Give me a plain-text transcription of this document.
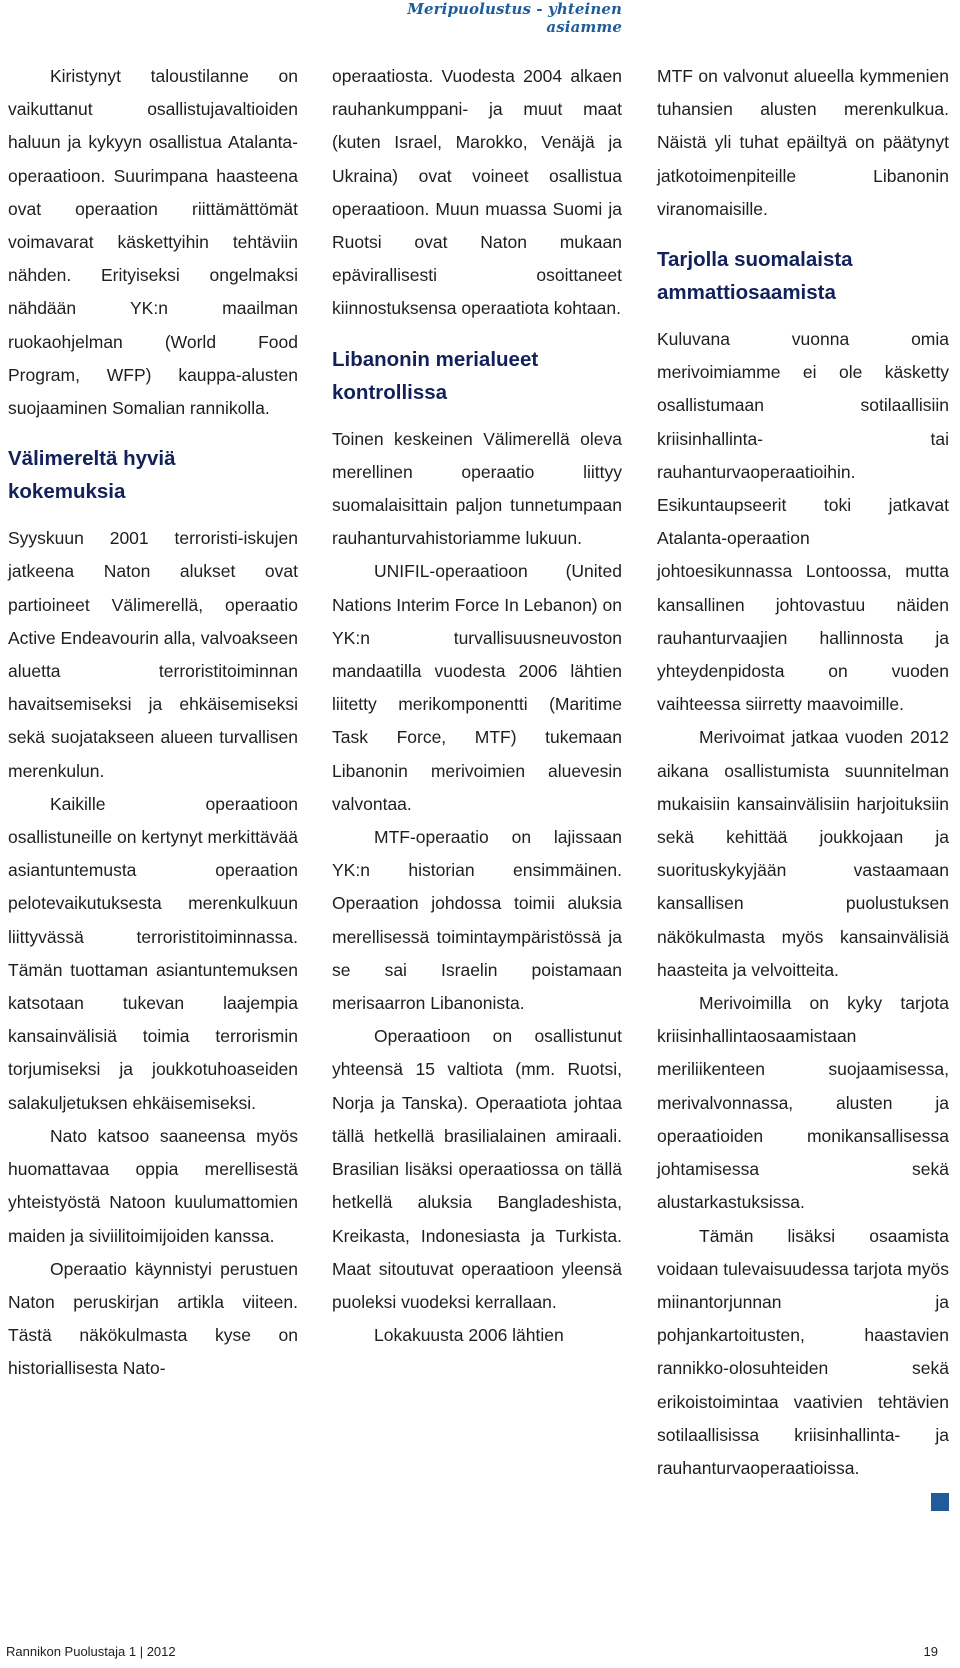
Meripuolustus - yhteinen asiamme

Kiristynyt taloustilanne on vaikuttanut osallistujavaltioiden haluun ja kykyyn osallistua Atalanta-operaatioon. Suurimpana haasteena ovat operaation riittämättömät voimavarat käskettyihin tehtäviin nähden. Erityiseksi ongelmaksi nähdään YK:n maailman ruokaohjelman (World Food Program, WFP) kauppa-alusten suojaaminen Somalian rannikolla.

Välimereltä hyviä kokemuksia

Syyskuun 2001 terroristi-iskujen jatkeena Naton alukset ovat partioineet Välimerellä, operaatio Active Endeavourin alla, valvoakseen aluetta terroristitoiminnan havaitsemiseksi ja ehkäisemiseksi sekä suojatakseen alueen turvallisen merenkulun.

Kaikille operaatioon osallistuneille on kertynyt merkittävää asiantuntemusta operaation pelotevaikutuksesta merenkulkuun liittyvässä terroristitoiminnassa. Tämän tuottaman asiantuntemuksen katsotaan tukevan laajempia kansainvälisiä toimia terrorismin torjumiseksi ja joukkotuhoaseiden salakuljetuksen ehkäisemiseksi.

Nato katsoo saaneensa myös huomattavaa oppia merellisestä yhteistyöstä Natoon kuulumattomien maiden ja siviilitoimijoiden kanssa.

Operaatio käynnistyi perustuen Naton peruskirjan artikla viiteen. Tästä näkökulmasta kyse on historiallisesta Nato-

operaatiosta. Vuodesta 2004 alkaen rauhankumppani- ja muut maat (kuten Israel, Marokko, Venäjä ja Ukraina) ovat voineet osallistua operaatioon. Muun muassa Suomi ja Ruotsi ovat Naton mukaan epävirallisesti osoittaneet kiinnostuksensa operaatiota kohtaan.

Libanonin merialueet kontrollissa

Toinen keskeinen Välimerellä oleva merellinen operaatio liittyy suomalaisittain paljon tunnetumpaan rauhanturvahistoriamme lukuun.

UNIFIL-operaatioon (United Nations Interim Force In Lebanon) on YK:n turvallisuusneuvoston mandaatilla vuodesta 2006 lähtien liitetty merikomponentti (Maritime Task Force, MTF) tukemaan Libanonin merivoimien aluevesin valvontaa.

MTF-operaatio on lajissaan YK:n historian ensimmäinen. Operaation johdossa toimii aluksia merellisessä toimintaympäristössä ja se sai Israelin poistamaan merisaarron Libanonista.

Operaatioon on osallistunut yhteensä 15 valtiota (mm. Ruotsi, Norja ja Tanska). Operaatiota johtaa tällä hetkellä brasilialainen amiraali. Brasilian lisäksi operaatiossa on tällä hetkellä aluksia Bangladeshista, Kreikasta, Indonesiasta ja Turkista. Maat sitoutuvat operaatioon yleensä puoleksi vuodeksi kerrallaan.

Lokakuusta 2006 lähtien

MTF on valvonut alueella kymmenien tuhansien alusten merenkulkua. Näistä yli tuhat epäiltyä on päätynyt jatkotoimenpiteille Libanonin viranomaisille.

Tarjolla suomalaista ammattiosaamista

Kuluvana vuonna omia merivoimiamme ei ole käsketty osallistumaan sotilaallisiin kriisinhallinta- tai rauhanturvaoperaatioihin. Esikuntaupseerit toki jatkavat Atalanta-operaation johtoesikunnassa Lontoossa, mutta kansallinen johtovastuu näiden rauhanturvaajien hallinnosta ja yhteydenpidosta on vuoden vaihteessa siirretty maavoimille.

Merivoimat jatkaa vuoden 2012 aikana osallistumista suunnitelman mukaisiin kansainvälisiin harjoituksiin sekä kehittää joukkojaan ja suorituskykyjään vastaamaan kansallisen puolustuksen näkökulmasta myös kansainvälisiä haasteita ja velvoitteita.

Merivoimilla on kyky tarjota kriisinhallintaosaamistaan meriliikenteen suojaamisessa, merivalvonnassa, alusten ja operaatioiden monikansallisessa johtamisessa sekä alustarkastuksissa.

Tämän lisäksi osaamista voidaan tulevaisuudessa tarjota myös miinantorjunnan ja pohjankartoitusten, haastavien rannikko-olosuhteiden sekä erikoistoimintaa vaativien tehtävien sotilaallisissa kriisinhallinta- ja rauhanturvaoperaatioissa.

Rannikon Puolustaja 1 | 2012	19
